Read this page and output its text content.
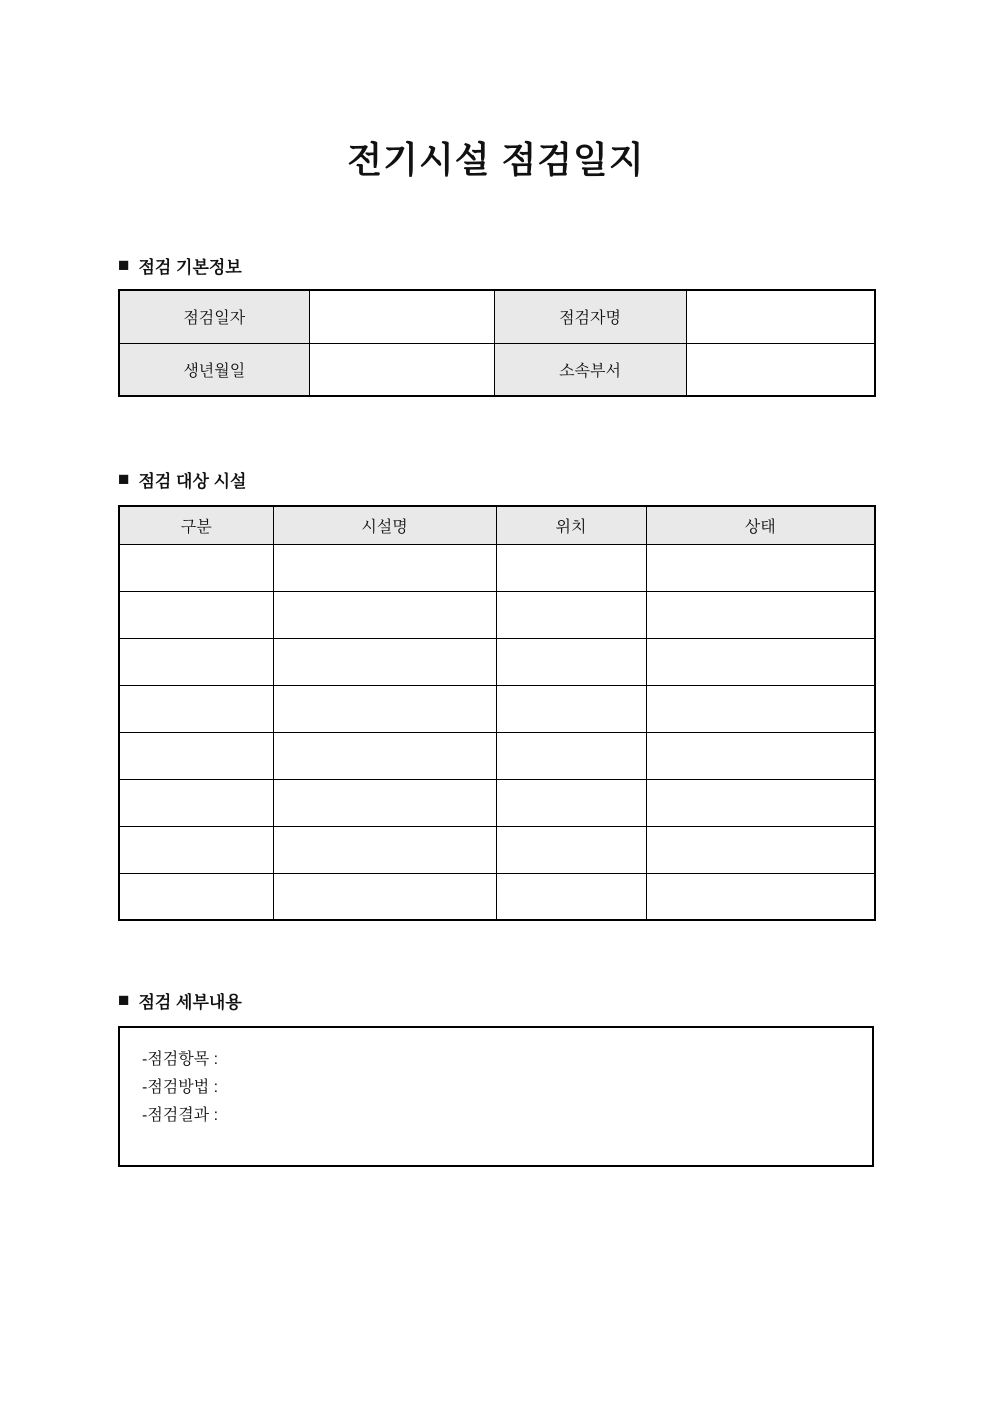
전기시설 점검일지
■ 점검 기본정보
점검일자		점검자명	
생년월일		소속부서	
■ 점검 대상 시설
구분	시설명	위치	상태

■ 점검 세부내용
-점검항목 :
-점검방법 :
-점검결과 :
